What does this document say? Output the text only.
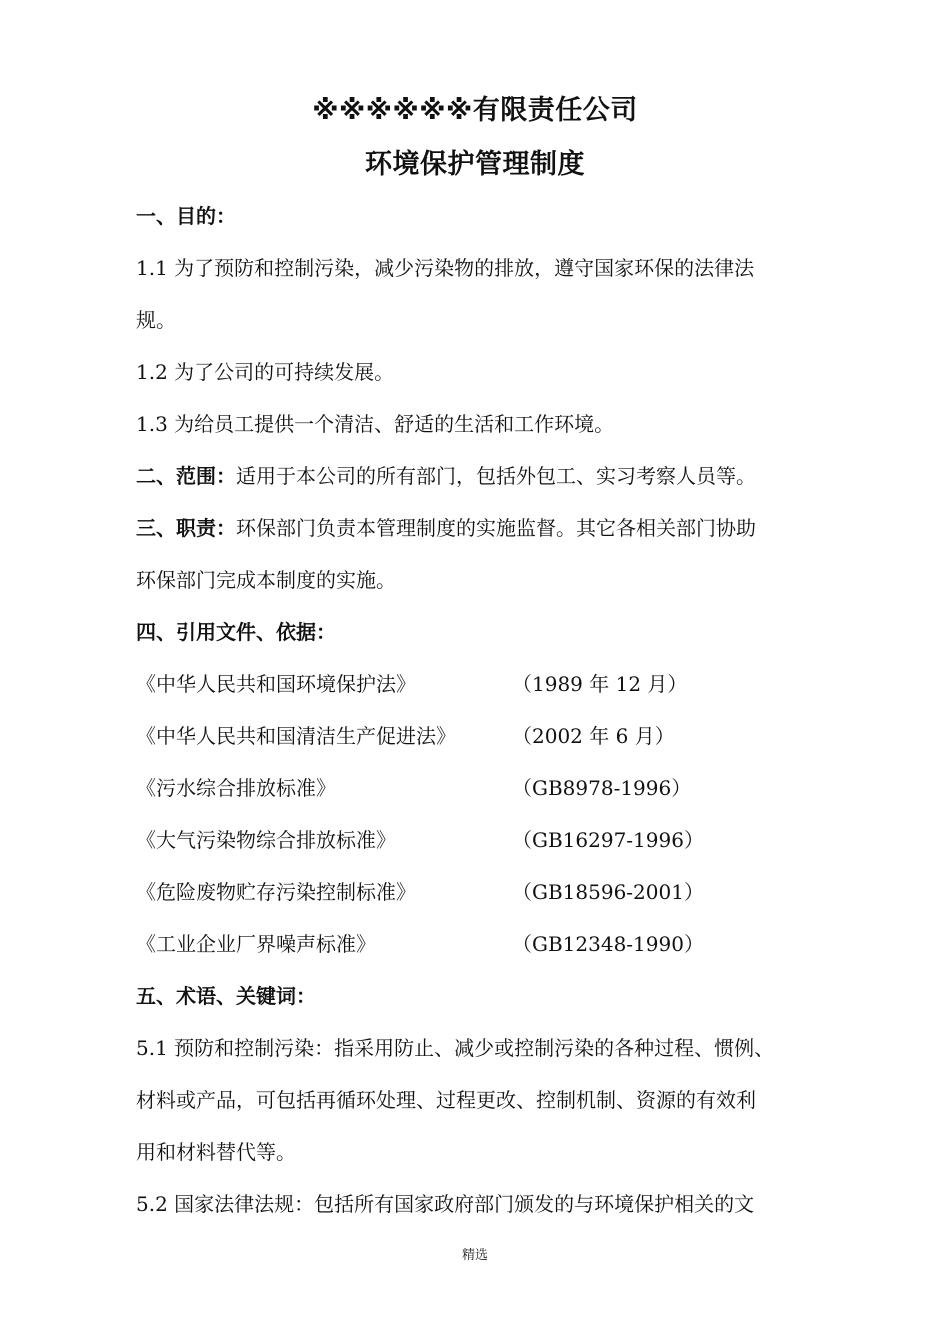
※※※※※※有限责任公司
环境保护管理制度
一、目的：
1.1 为了预防和控制污染，减少污染物的排放，遵守国家环保的法律法
规。
1.2 为了公司的可持续发展。
1.3 为给员工提供一个清洁、舒适的生活和工作环境。
二、范围：适用于本公司的所有部门，包括外包工、实习考察人员等。
三、职责：环保部门负责本管理制度的实施监督。其它各相关部门协助
环保部门完成本制度的实施。
四、引用文件、依据：
《中华人民共和国环境保护法》	（1989 年 12 月）
《中华人民共和国清洁生产促进法》	（2002 年 6 月）
《污水综合排放标准》	（GB8978-1996）
《大气污染物综合排放标准》	（GB16297-1996）
《危险废物贮存污染控制标准》	（GB18596-2001）
《工业企业厂界噪声标准》	（GB12348-1990）
五、术语、关键词：
5.1 预防和控制污染：指采用防止、减少或控制污染的各种过程、惯例、
材料或产品，可包括再循环处理、过程更改、控制机制、资源的有效利
用和材料替代等。
5.2 国家法律法规：包括所有国家政府部门颁发的与环境保护相关的文
精选
